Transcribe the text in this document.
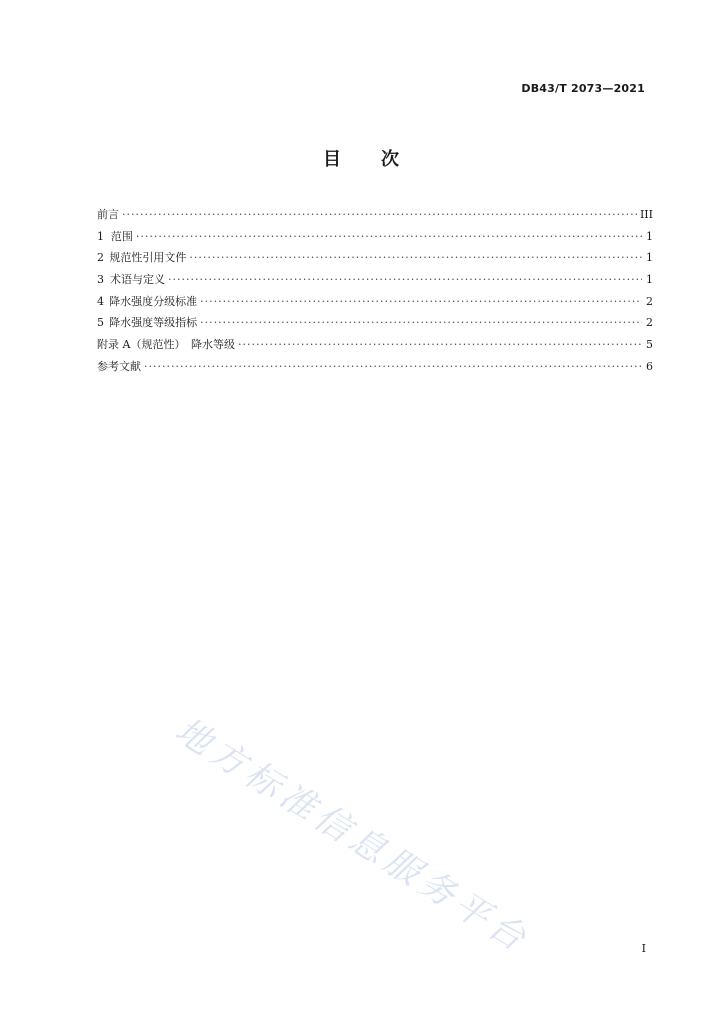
DB43/T 2073—2021
目 次
前言 ·····	III
1 范围 ·····	1
2 规范性引用文件 ·····	1
3 术语与定义 ·····	1
4 降水强度分级标准 ·····	2
5 降水强度等级指标 ·····	2
附录 A（规范性）　降水等级 ·····	5
参考文献 ·····	6
地方标准信息服务平台	I
